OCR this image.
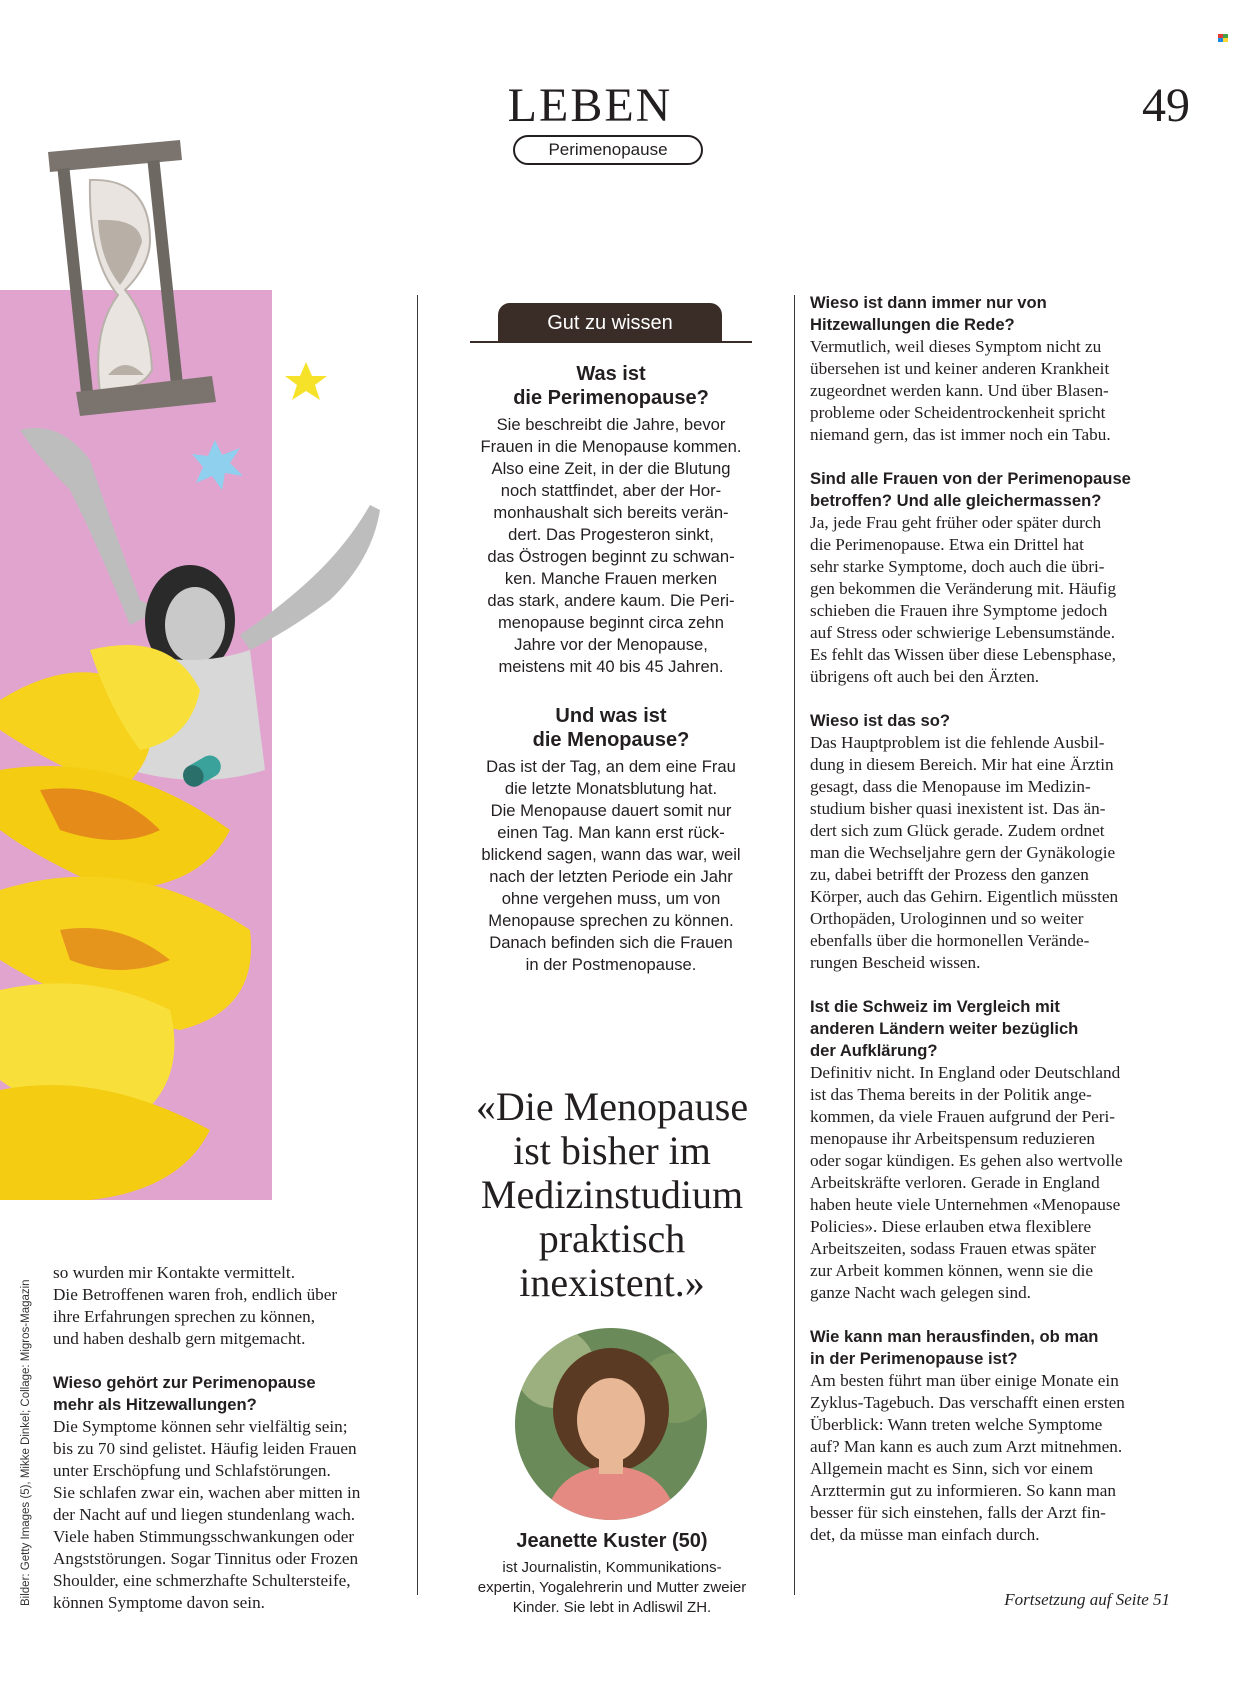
LEBEN
Perimenopause
49
Gut zu wissen

Was ist
die Perimenopause?

Sie beschreibt die Jahre, bevor
Frauen in die Menopause kommen.
Also eine Zeit, in der die Blutung
noch stattfindet, aber der Hor-
monhaushalt sich bereits verän-
dert. Das Progesteron sinkt,
das Östrogen beginnt zu schwan-
ken. Manche Frauen merken
das stark, andere kaum. Die Peri-
menopause beginnt circa zehn
Jahre vor der Menopause,
meistens mit 40 bis 45 Jahren.

Und was ist
die Menopause?

Das ist der Tag, an dem eine Frau
die letzte Monatsblutung hat.
Die Menopause dauert somit nur
einen Tag. Man kann erst rück-
blickend sagen, wann das war, weil
nach der letzten Periode ein Jahr
ohne vergehen muss, um von
Menopause sprechen zu können.
Danach befinden sich die Frauen
in der Postmenopause.

«Die Menopause
ist bisher im
Medizinstudium
praktisch
inexistent.»
Jeanette Kuster (50)
ist Journalistin, Kommunikations-
expertin, Yogalehrerin und Mutter zweier
Kinder. Sie lebt in Adliswil ZH.
so wurden mir Kontakte vermittelt.
Die Betroffenen waren froh, endlich über
ihre Erfahrungen sprechen zu können,
und haben deshalb gern mitgemacht.

Wieso gehört zur Perimenopause
mehr als Hitzewallungen?

Die Symptome können sehr vielfältig sein;
bis zu 70 sind gelistet. Häufig leiden Frauen
unter Erschöpfung und Schlafstörungen.
Sie schlafen zwar ein, wachen aber mitten in
der Nacht auf und liegen stundenlang wach.
Viele haben Stimmungsschwankungen oder
Angststörungen. Sogar Tinnitus oder Frozen
Shoulder, eine schmerzhafte Schultersteife,
können Symptome davon sein.

Wieso ist dann immer nur von
Hitzewallungen die Rede?

Vermutlich, weil dieses Symptom nicht zu
übersehen ist und keiner anderen Krankheit
zugeordnet werden kann. Und über Blasen-
probleme oder Scheidentrockenheit spricht
niemand gern, das ist immer noch ein Tabu.

Sind alle Frauen von der Perimenopause
betroffen? Und alle gleichermassen?

Ja, jede Frau geht früher oder später durch
die Perimenopause. Etwa ein Drittel hat
sehr starke Symptome, doch auch die übri-
gen bekommen die Veränderung mit. Häufig
schieben die Frauen ihre Symptome jedoch
auf Stress oder schwierige Lebensumstände.
Es fehlt das Wissen über diese Lebensphase,
übrigens oft auch bei den Ärzten.

Wieso ist das so?

Das Hauptproblem ist die fehlende Ausbil-
dung in diesem Bereich. Mir hat eine Ärztin
gesagt, dass die Menopause im Medizin-
studium bisher quasi inexistent ist. Das än-
dert sich zum Glück gerade. Zudem ordnet
man die Wechseljahre gern der Gynäkologie
zu, dabei betrifft der Prozess den ganzen
Körper, auch das Gehirn. Eigentlich müssten
Orthopäden, Urologinnen und so weiter
ebenfalls über die hormonellen Verände-
rungen Bescheid wissen.

Ist die Schweiz im Vergleich mit
anderen Ländern weiter bezüglich
der Aufklärung?

Definitiv nicht. In England oder Deutschland
ist das Thema bereits in der Politik ange-
kommen, da viele Frauen aufgrund der Peri-
menopause ihr Arbeitspensum reduzieren
oder sogar kündigen. Es gehen also wertvolle
Arbeitskräfte verloren. Gerade in England
haben heute viele Unternehmen «Menopause
Policies». Diese erlauben etwa flexiblere
Arbeitszeiten, sodass Frauen etwas später
zur Arbeit kommen können, wenn sie die
ganze Nacht wach gelegen sind.

Wie kann man herausfinden, ob man
in der Perimenopause ist?

Am besten führt man über einige Monate ein
Zyklus-Tagebuch. Das verschafft einen ersten
Überblick: Wann treten welche Symptome
auf? Man kann es auch zum Arzt mitnehmen.
Allgemein macht es Sinn, sich vor einem
Arzttermin gut zu informieren. So kann man
besser für sich einstehen, falls der Arzt fin-
det, da müsse man einfach durch.

Fortsetzung auf Seite 51
Bilder: Getty Images (5), Mikke Dinkel; Collage: Migros-Magazin
